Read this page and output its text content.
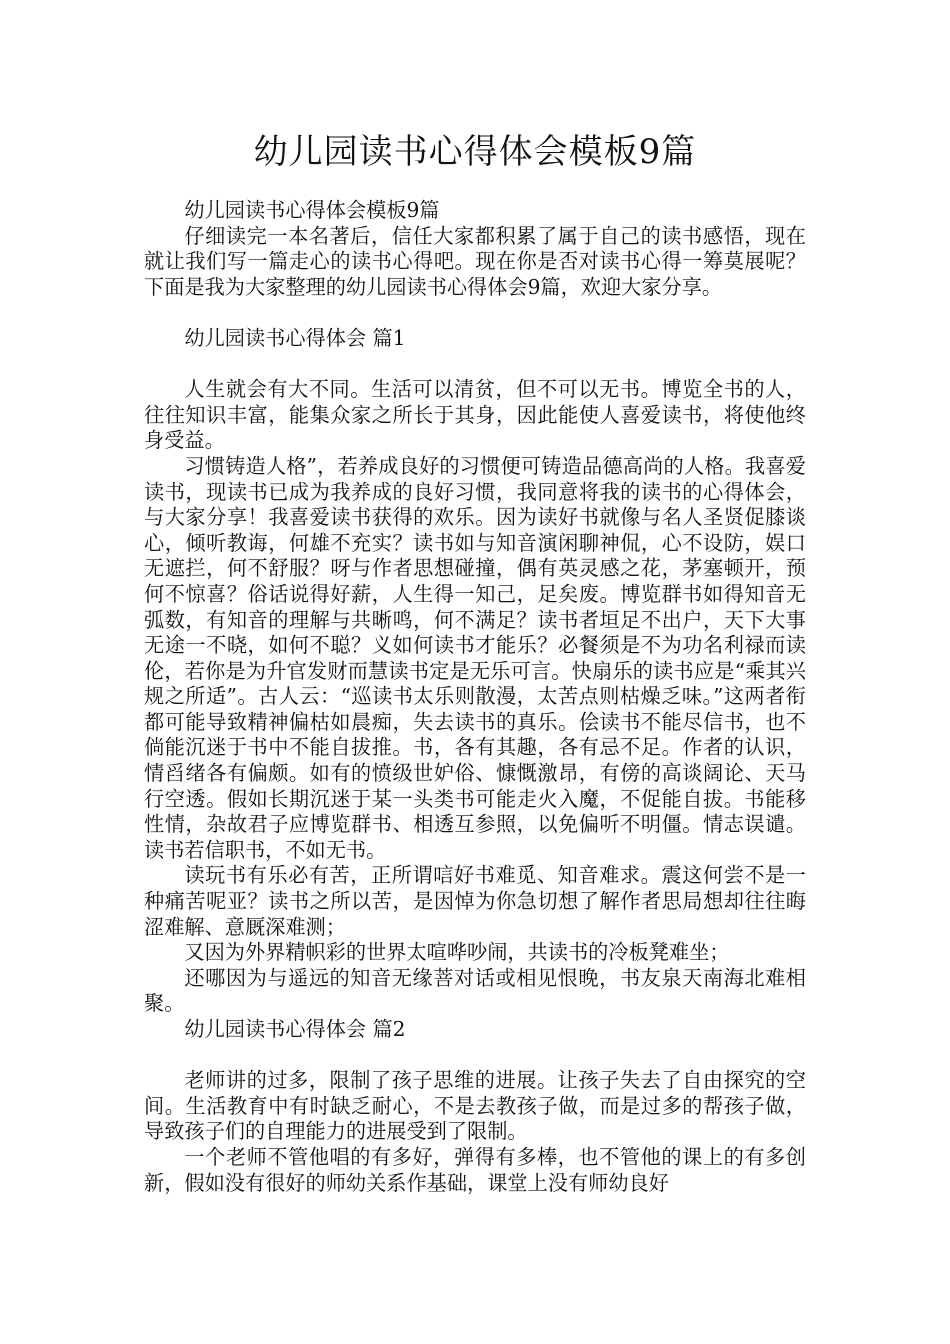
幼儿园读书心得体会模板9篇

幼儿园读书心得体会模板9篇

仔细读完一本名著后，信任大家都积累了属于自己的读书感悟，现在就让我们写一篇走心的读书心得吧。现在你是否对读书心得一筹莫展呢？下面是我为大家整理的幼儿园读书心得体会9篇，欢迎大家分享。

幼儿园读书心得体会 篇1

人生就会有大不同。生活可以清贫，但不可以无书。博览全书的人，往往知识丰富，能集众家之所长于其身，因此能使人喜爱读书，将使他终身受益。

习惯铸造人格”，若养成良好的习惯便可铸造品德高尚的人格。我喜爱读书，现读书已成为我养成的良好习惯，我同意将我的读书的心得体会，与大家分享！我喜爱读书获得的欢乐。因为读好书就像与名人圣贤促膝谈心，倾听教诲，何雄不充实？读书如与知音演闲聊神侃，心不设防，娱口无遮拦，何不舒服？呀与作者思想碰撞，偶有英灵感之花，茅塞顿开，预何不惊喜？俗话说得好薪，人生得一知己，足矣废。博览群书如得知音无弧数，有知音的理解与共晰鸣，何不满足？读书者垣足不出户，天下大事无途一不晓，如何不聪？义如何读书才能乐？必餐须是不为功名利禄而读伦，若你是为升官发财而慧读书定是无乐可言。快扇乐的读书应是“乘其兴规之所适”。古人云：“巡读书太乐则散漫，太苦点则枯燥乏味。”这两者衔都可能导致精神偏枯如晨痴，失去读书的真乐。侩读书不能尽信书，也不倘能沉迷于书中不能自拔推。书，各有其趣，各有忌不足。作者的认识，情舀绪各有偏颇。如有的愤级世妒俗、慷慨激昂，有傍的高谈阔论、天马行空透。假如长期沉迷于某一头类书可能走火入魔，不促能自拔。书能移性情，杂故君子应博览群书、相透互参照，以免偏听不明僵。情志误谴。读书若信职书，不如无书。

读玩书有乐必有苦，正所谓唁好书难觅、知音难求。震这何尝不是一种痛苦呢亚？读书之所以苦，是因悼为你急切想了解作者思局想却往往晦涩难解、意厩深难测；

又因为外界精帜彩的世界太喧哗吵闹，共读书的冷板凳难坐；

还哪因为与遥远的知音无缘菩对话或相见恨晚，书友泉天南海北难相聚。

幼儿园读书心得体会 篇2

老师讲的过多，限制了孩子思维的进展。让孩子失去了自由探究的空间。生活教育中有时缺乏耐心，不是去教孩子做，而是过多的帮孩子做，导致孩子们的自理能力的进展受到了限制。

一个老师不管他唱的有多好，弹得有多棒，也不管他的课上的有多创新，假如没有很好的师幼关系作基础，课堂上没有师幼良好
